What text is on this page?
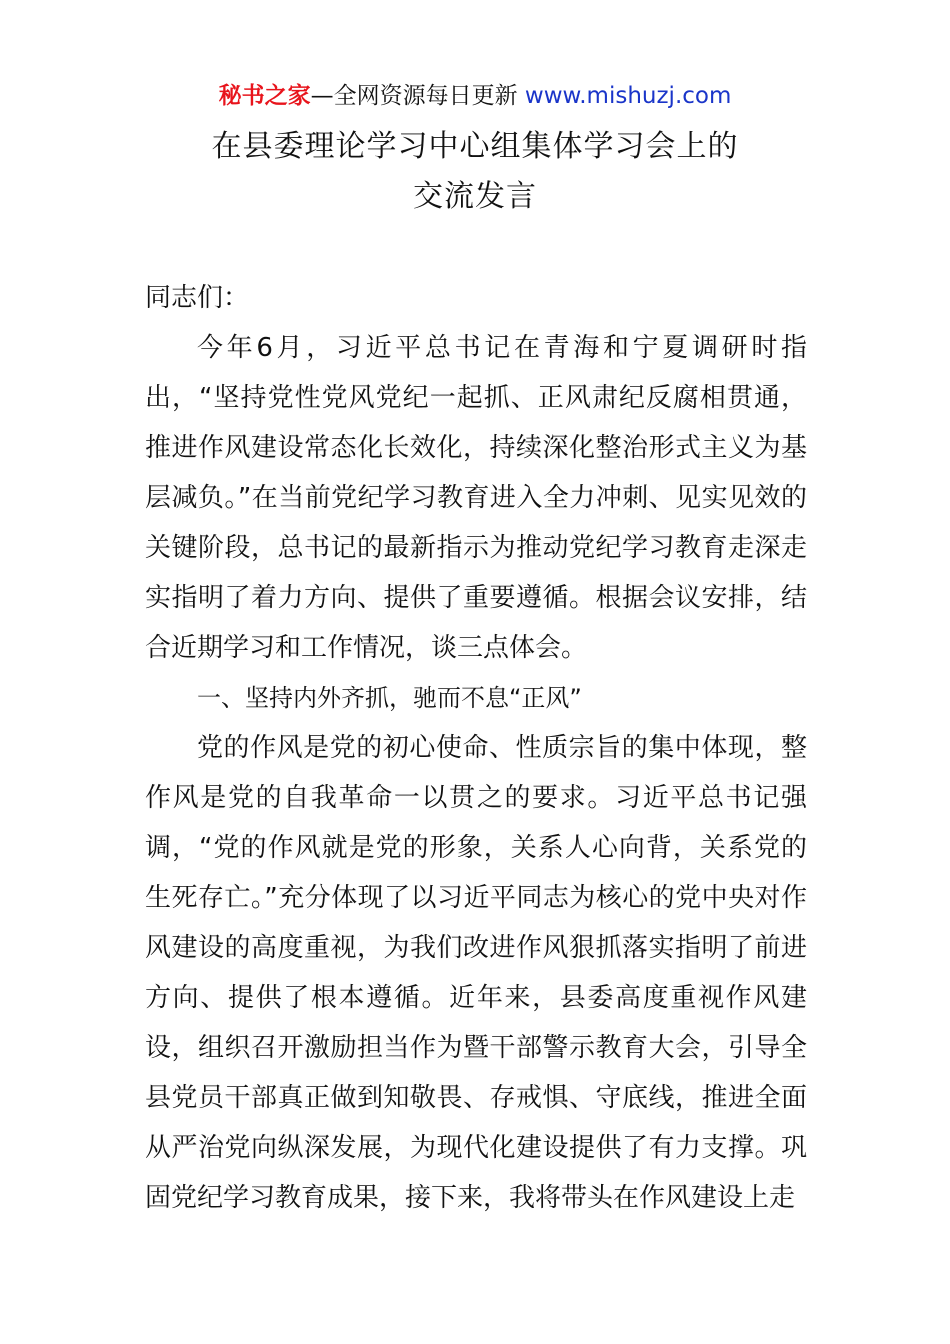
秘书之家—全网资源每日更新 www.mishuzj.com
在县委理论学习中心组集体学习会上的
交流发言

同志们：

今年6月，习近平总书记在青海和宁夏调研时指出，“坚持党性党风党纪一起抓、正风肃纪反腐相贯通，推进作风建设常态化长效化，持续深化整治形式主义为基层减负。”在当前党纪学习教育进入全力冲刺、见实见效的关键阶段，总书记的最新指示为推动党纪学习教育走深走实指明了着力方向、提供了重要遵循。根据会议安排，结合近期学习和工作情况，谈三点体会。

一、坚持内外齐抓，驰而不息“正风”

党的作风是党的初心使命、性质宗旨的集中体现，整作风是党的自我革命一以贯之的要求。习近平总书记强调，“党的作风就是党的形象，关系人心向背，关系党的生死存亡。”充分体现了以习近平同志为核心的党中央对作风建设的高度重视，为我们改进作风狠抓落实指明了前进方向、提供了根本遵循。近年来，县委高度重视作风建设，组织召开激励担当作为暨干部警示教育大会，引导全县党员干部真正做到知敬畏、存戒惧、守底线，推进全面从严治党向纵深发展，为现代化建设提供了有力支撑。巩固党纪学习教育成果，接下来，我将带头在作风建设上走
